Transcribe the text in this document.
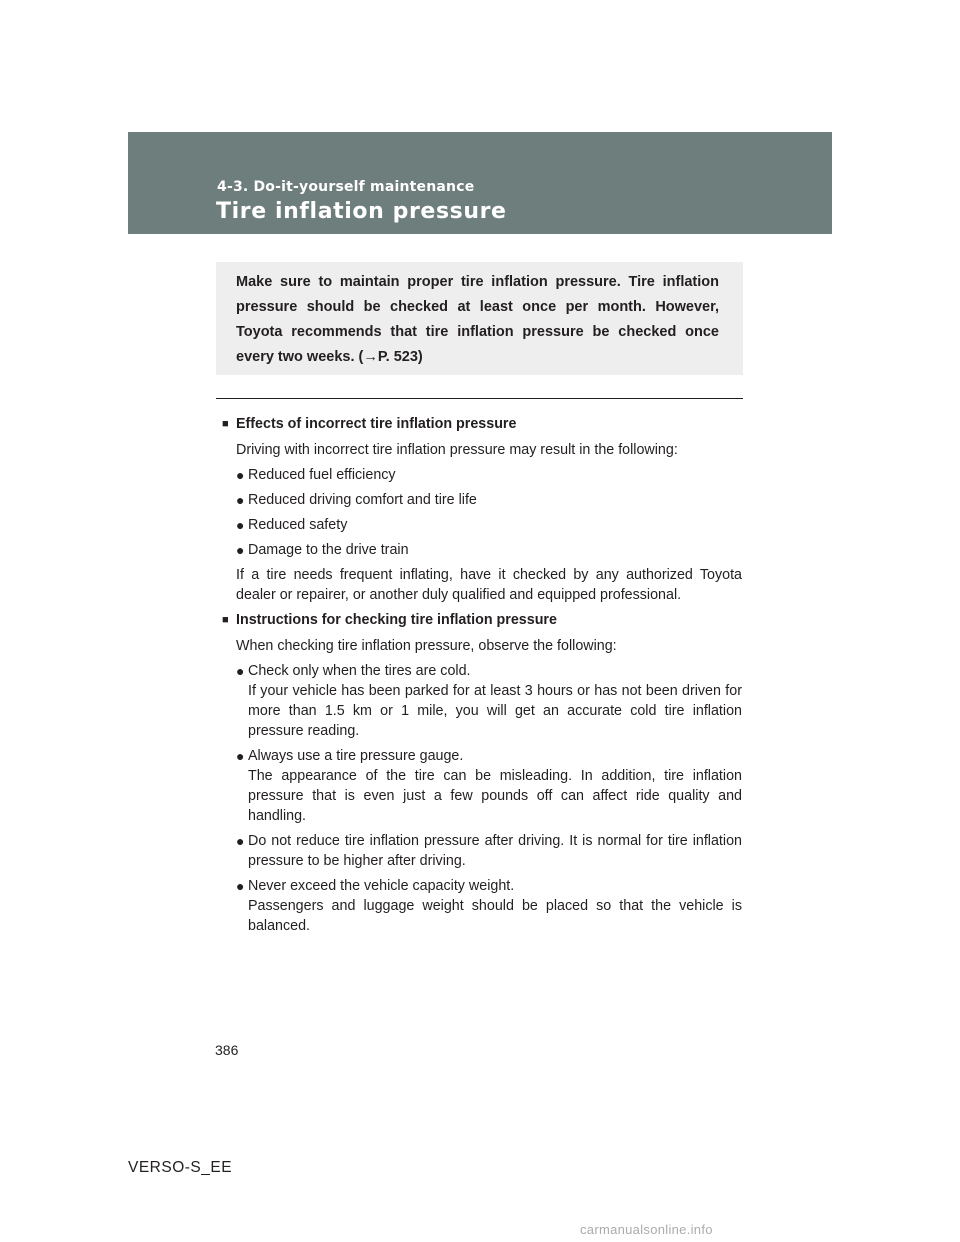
4-3. Do-it-yourself maintenance

Tire inflation pressure

Make sure to maintain proper tire inflation pressure. Tire inflation pressure should be checked at least once per month. However, Toyota recommends that tire inflation pressure be checked once every two weeks. (→P. 523)

■ Effects of incorrect tire inflation pressure

Driving with incorrect tire inflation pressure may result in the following:

● Reduced fuel efficiency

● Reduced driving comfort and tire life

● Reduced safety

● Damage to the drive train

If a tire needs frequent inflating, have it checked by any authorized Toyota dealer or repairer, or another duly qualified and equipped professional.

■ Instructions for checking tire inflation pressure

When checking tire inflation pressure, observe the following:

● Check only when the tires are cold.
If your vehicle has been parked for at least 3 hours or has not been driven for more than 1.5 km or 1 mile, you will get an accurate cold tire inflation pressure reading.

● Always use a tire pressure gauge.
The appearance of the tire can be misleading. In addition, tire inflation pressure that is even just a few pounds off can affect ride quality and handling.

● Do not reduce tire inflation pressure after driving. It is normal for tire inflation pressure to be higher after driving.

● Never exceed the vehicle capacity weight.
Passengers and luggage weight should be placed so that the vehicle is balanced.

386

VERSO-S_EE

carmanualsonline.info
